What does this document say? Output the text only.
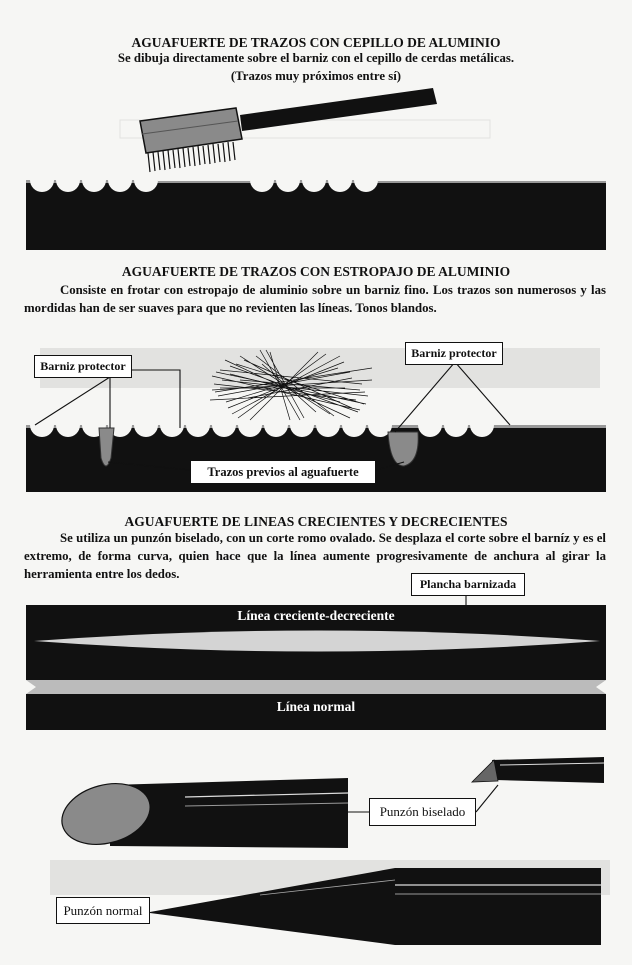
AGUAFUERTE DE TRAZOS CON CEPILLO DE ALUMINIO

Se dibuja directamente sobre el barniz con el cepillo de cerdas metálicas.

(Trazos muy próximos entre sí)

AGUAFUERTE DE TRAZOS CON ESTROPAJO DE ALUMINIO

Consiste en frotar con estropajo de aluminio sobre un barniz fino. Los trazos son numerosos y las mordidas han de ser suaves para que no revienten las líneas. Tonos blandos.

Barniz protector
Barniz protector
Trazos previos al aguafuerte

AGUAFUERTE DE LINEAS CRECIENTES Y DECRECIENTES

Se utiliza un punzón biselado, con un corte romo ovalado. Se desplaza el corte sobre el barníz y es el extremo, de forma curva, quien hace que la línea aumente progresivamente de anchura al girar la herramienta entre los dedos.

Plancha barnizada
Línea creciente-decreciente
Línea normal
Punzón biselado
Punzón normal
